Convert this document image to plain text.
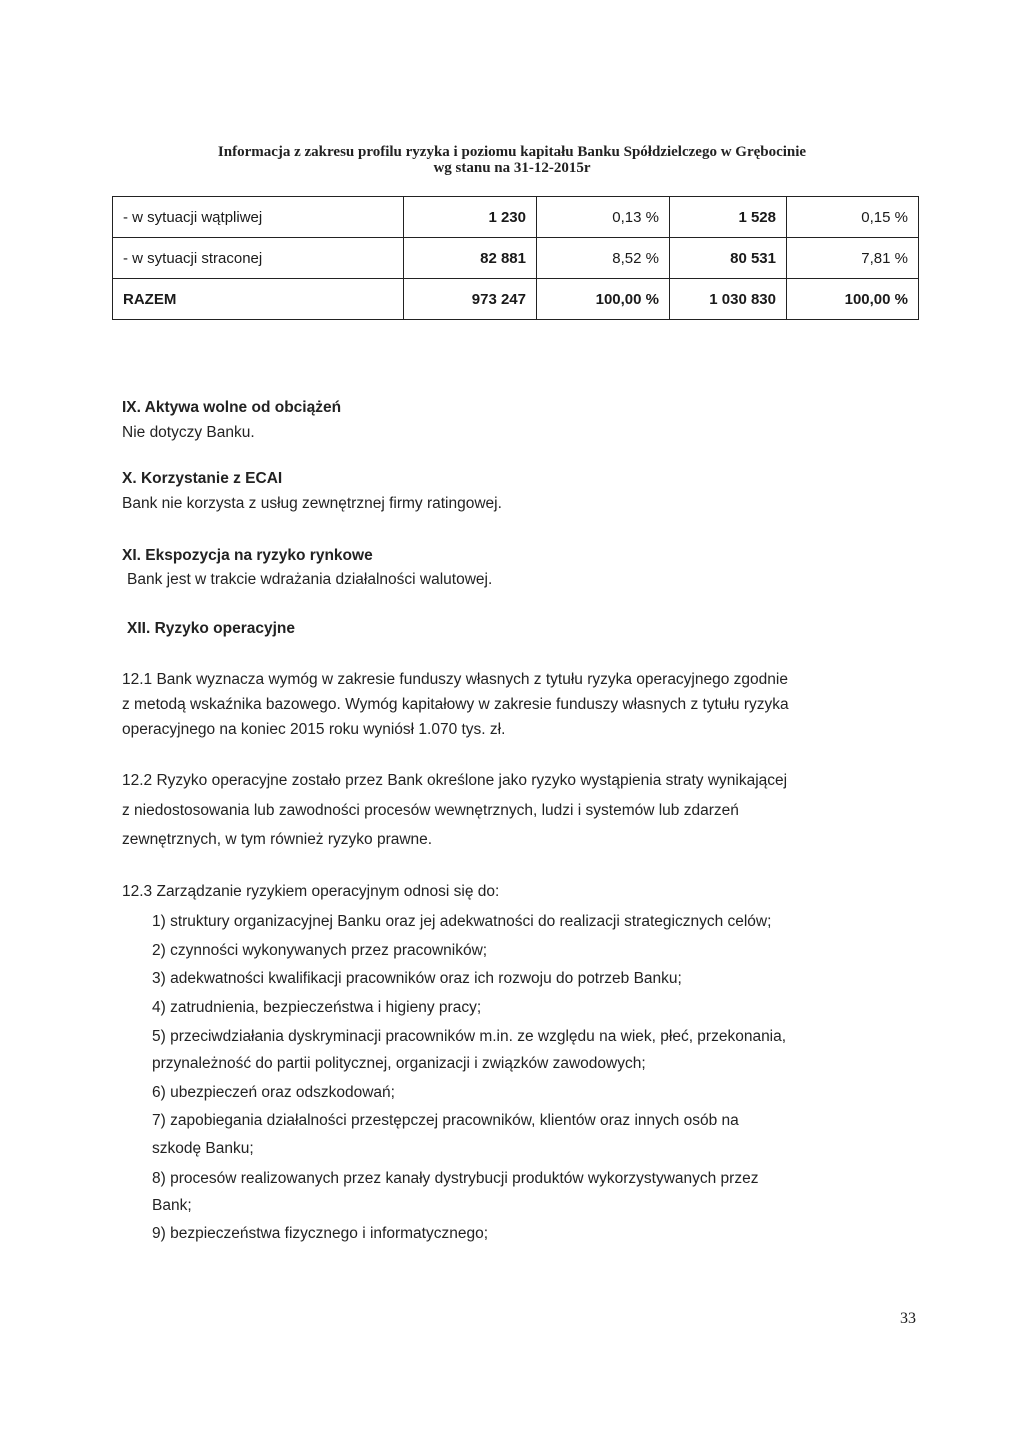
Informacja z zakresu profilu ryzyka i poziomu kapitału Banku Spółdzielczego w Grębocinie
wg stanu na 31-12-2015r
- w sytuacji wątpliwej	1 230	0,13 %	1 528	0,15 %
- w sytuacji straconej	82 881	8,52 %	80 531	7,81 %
RAZEM	973 247	100,00 %	1 030 830	100,00 %
IX. Aktywa wolne od obciążeń
Nie dotyczy Banku.
X. Korzystanie z ECAI
Bank nie korzysta z usług zewnętrznej firmy ratingowej.
XI. Ekspozycja na ryzyko rynkowe
Bank jest w trakcie wdrażania działalności walutowej.
XII. Ryzyko operacyjne
12.1 Bank wyznacza wymóg w zakresie funduszy własnych z tytułu ryzyka operacyjnego zgodnie
z metodą wskaźnika bazowego. Wymóg kapitałowy w zakresie funduszy własnych z tytułu ryzyka
operacyjnego na koniec 2015 roku wyniósł 1.070 tys. zł.
12.2 Ryzyko operacyjne zostało przez Bank określone jako ryzyko wystąpienia straty wynikającej
z niedostosowania lub zawodności procesów wewnętrznych, ludzi i systemów lub zdarzeń
zewnętrznych, w tym również ryzyko prawne.
12.3 Zarządzanie ryzykiem operacyjnym odnosi się do:
1) struktury organizacyjnej Banku oraz jej adekwatności do realizacji strategicznych celów;
2) czynności wykonywanych przez pracowników;
3) adekwatności kwalifikacji pracowników oraz ich rozwoju do potrzeb Banku;
4) zatrudnienia, bezpieczeństwa i higieny pracy;
5) przeciwdziałania dyskryminacji pracowników m.in. ze względu na wiek, płeć, przekonania,
przynależność do partii politycznej, organizacji i związków zawodowych;
6) ubezpieczeń oraz odszkodowań;
7) zapobiegania działalności przestępczej pracowników, klientów oraz innych osób na
szkodę Banku;
8) procesów realizowanych przez kanały dystrybucji produktów wykorzystywanych przez
Bank;
9) bezpieczeństwa fizycznego i informatycznego;
33
